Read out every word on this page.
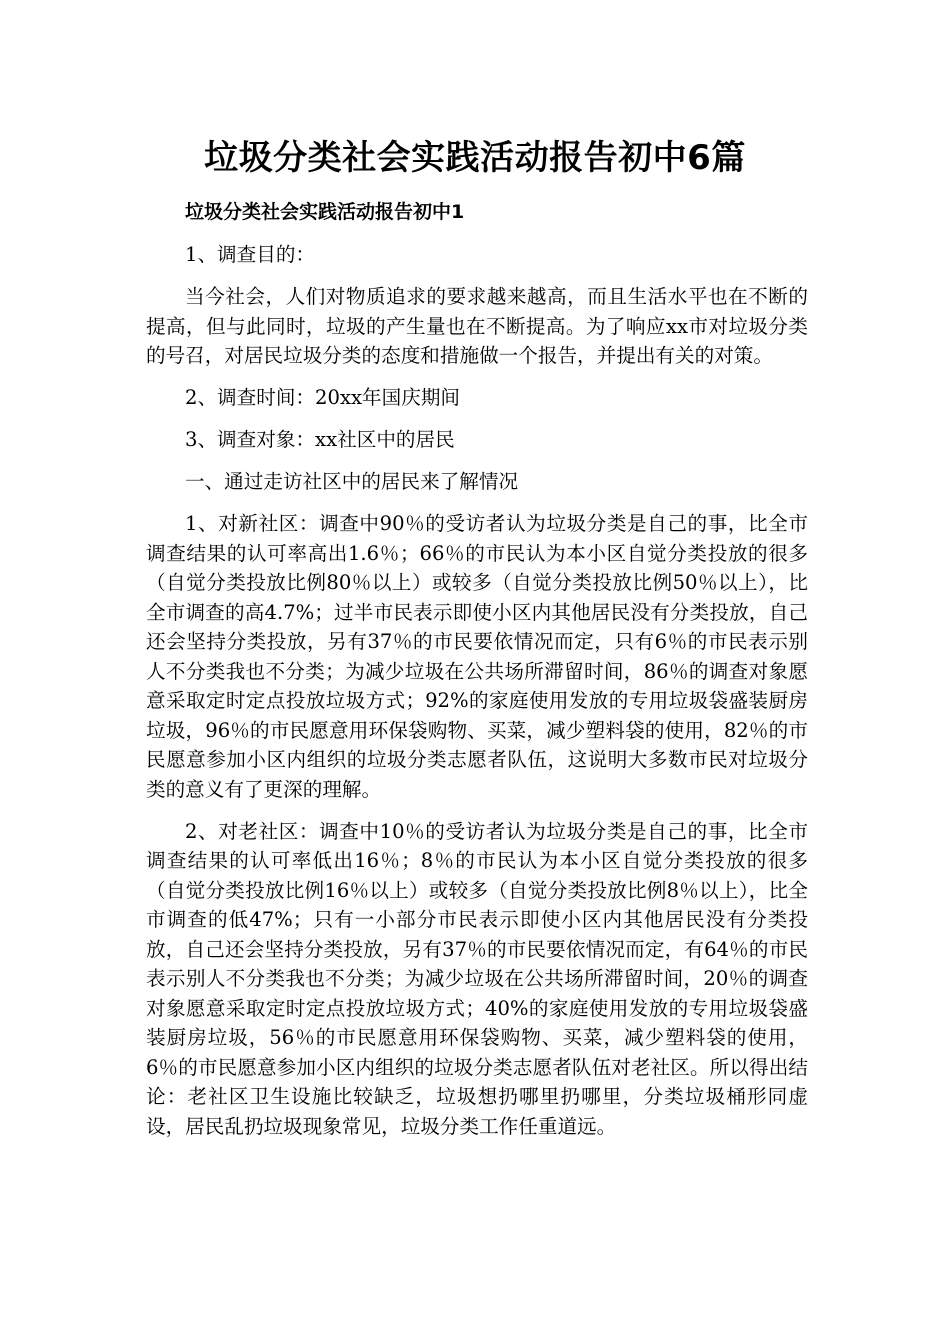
垃圾分类社会实践活动报告初中6篇

垃圾分类社会实践活动报告初中1

1、调查目的：

当今社会，人们对物质追求的要求越来越高，而且生活水平也在不断的提高，但与此同时，垃圾的产生量也在不断提高。为了响应xx市对垃圾分类的号召，对居民垃圾分类的态度和措施做一个报告，并提出有关的对策。

2、调查时间：20xx年国庆期间

3、调查对象：xx社区中的居民

一、通过走访社区中的居民来了解情况

1、对新社区：调查中90％的受访者认为垃圾分类是自己的事，比全市调查结果的认可率高出1.6％；66％的市民认为本小区自觉分类投放的很多（自觉分类投放比例80％以上）或较多（自觉分类投放比例50％以上），比全市调查的高4.7%；过半市民表示即使小区内其他居民没有分类投放，自己还会坚持分类投放，另有37％的市民要依情况而定，只有6％的市民表示别人不分类我也不分类；为减少垃圾在公共场所滞留时间，86％的调查对象愿意采取定时定点投放垃圾方式；92%的家庭使用发放的专用垃圾袋盛装厨房垃圾，96％的市民愿意用环保袋购物、买菜，减少塑料袋的使用，82％的市民愿意参加小区内组织的垃圾分类志愿者队伍，这说明大多数市民对垃圾分类的意义有了更深的理解。

2、对老社区：调查中10％的受访者认为垃圾分类是自己的事，比全市调查结果的认可率低出16％；8％的市民认为本小区自觉分类投放的很多（自觉分类投放比例16％以上）或较多（自觉分类投放比例8％以上），比全市调查的低47%；只有一小部分市民表示即使小区内其他居民没有分类投放，自己还会坚持分类投放，另有37％的市民要依情况而定，有64％的市民表示别人不分类我也不分类；为减少垃圾在公共场所滞留时间，20％的调查对象愿意采取定时定点投放垃圾方式；40%的家庭使用发放的专用垃圾袋盛装厨房垃圾，56％的市民愿意用环保袋购物、买菜，减少塑料袋的使用，6％的市民愿意参加小区内组织的垃圾分类志愿者队伍对老社区。所以得出结论：老社区卫生设施比较缺乏，垃圾想扔哪里扔哪里，分类垃圾桶形同虚设，居民乱扔垃圾现象常见，垃圾分类工作任重道远。
